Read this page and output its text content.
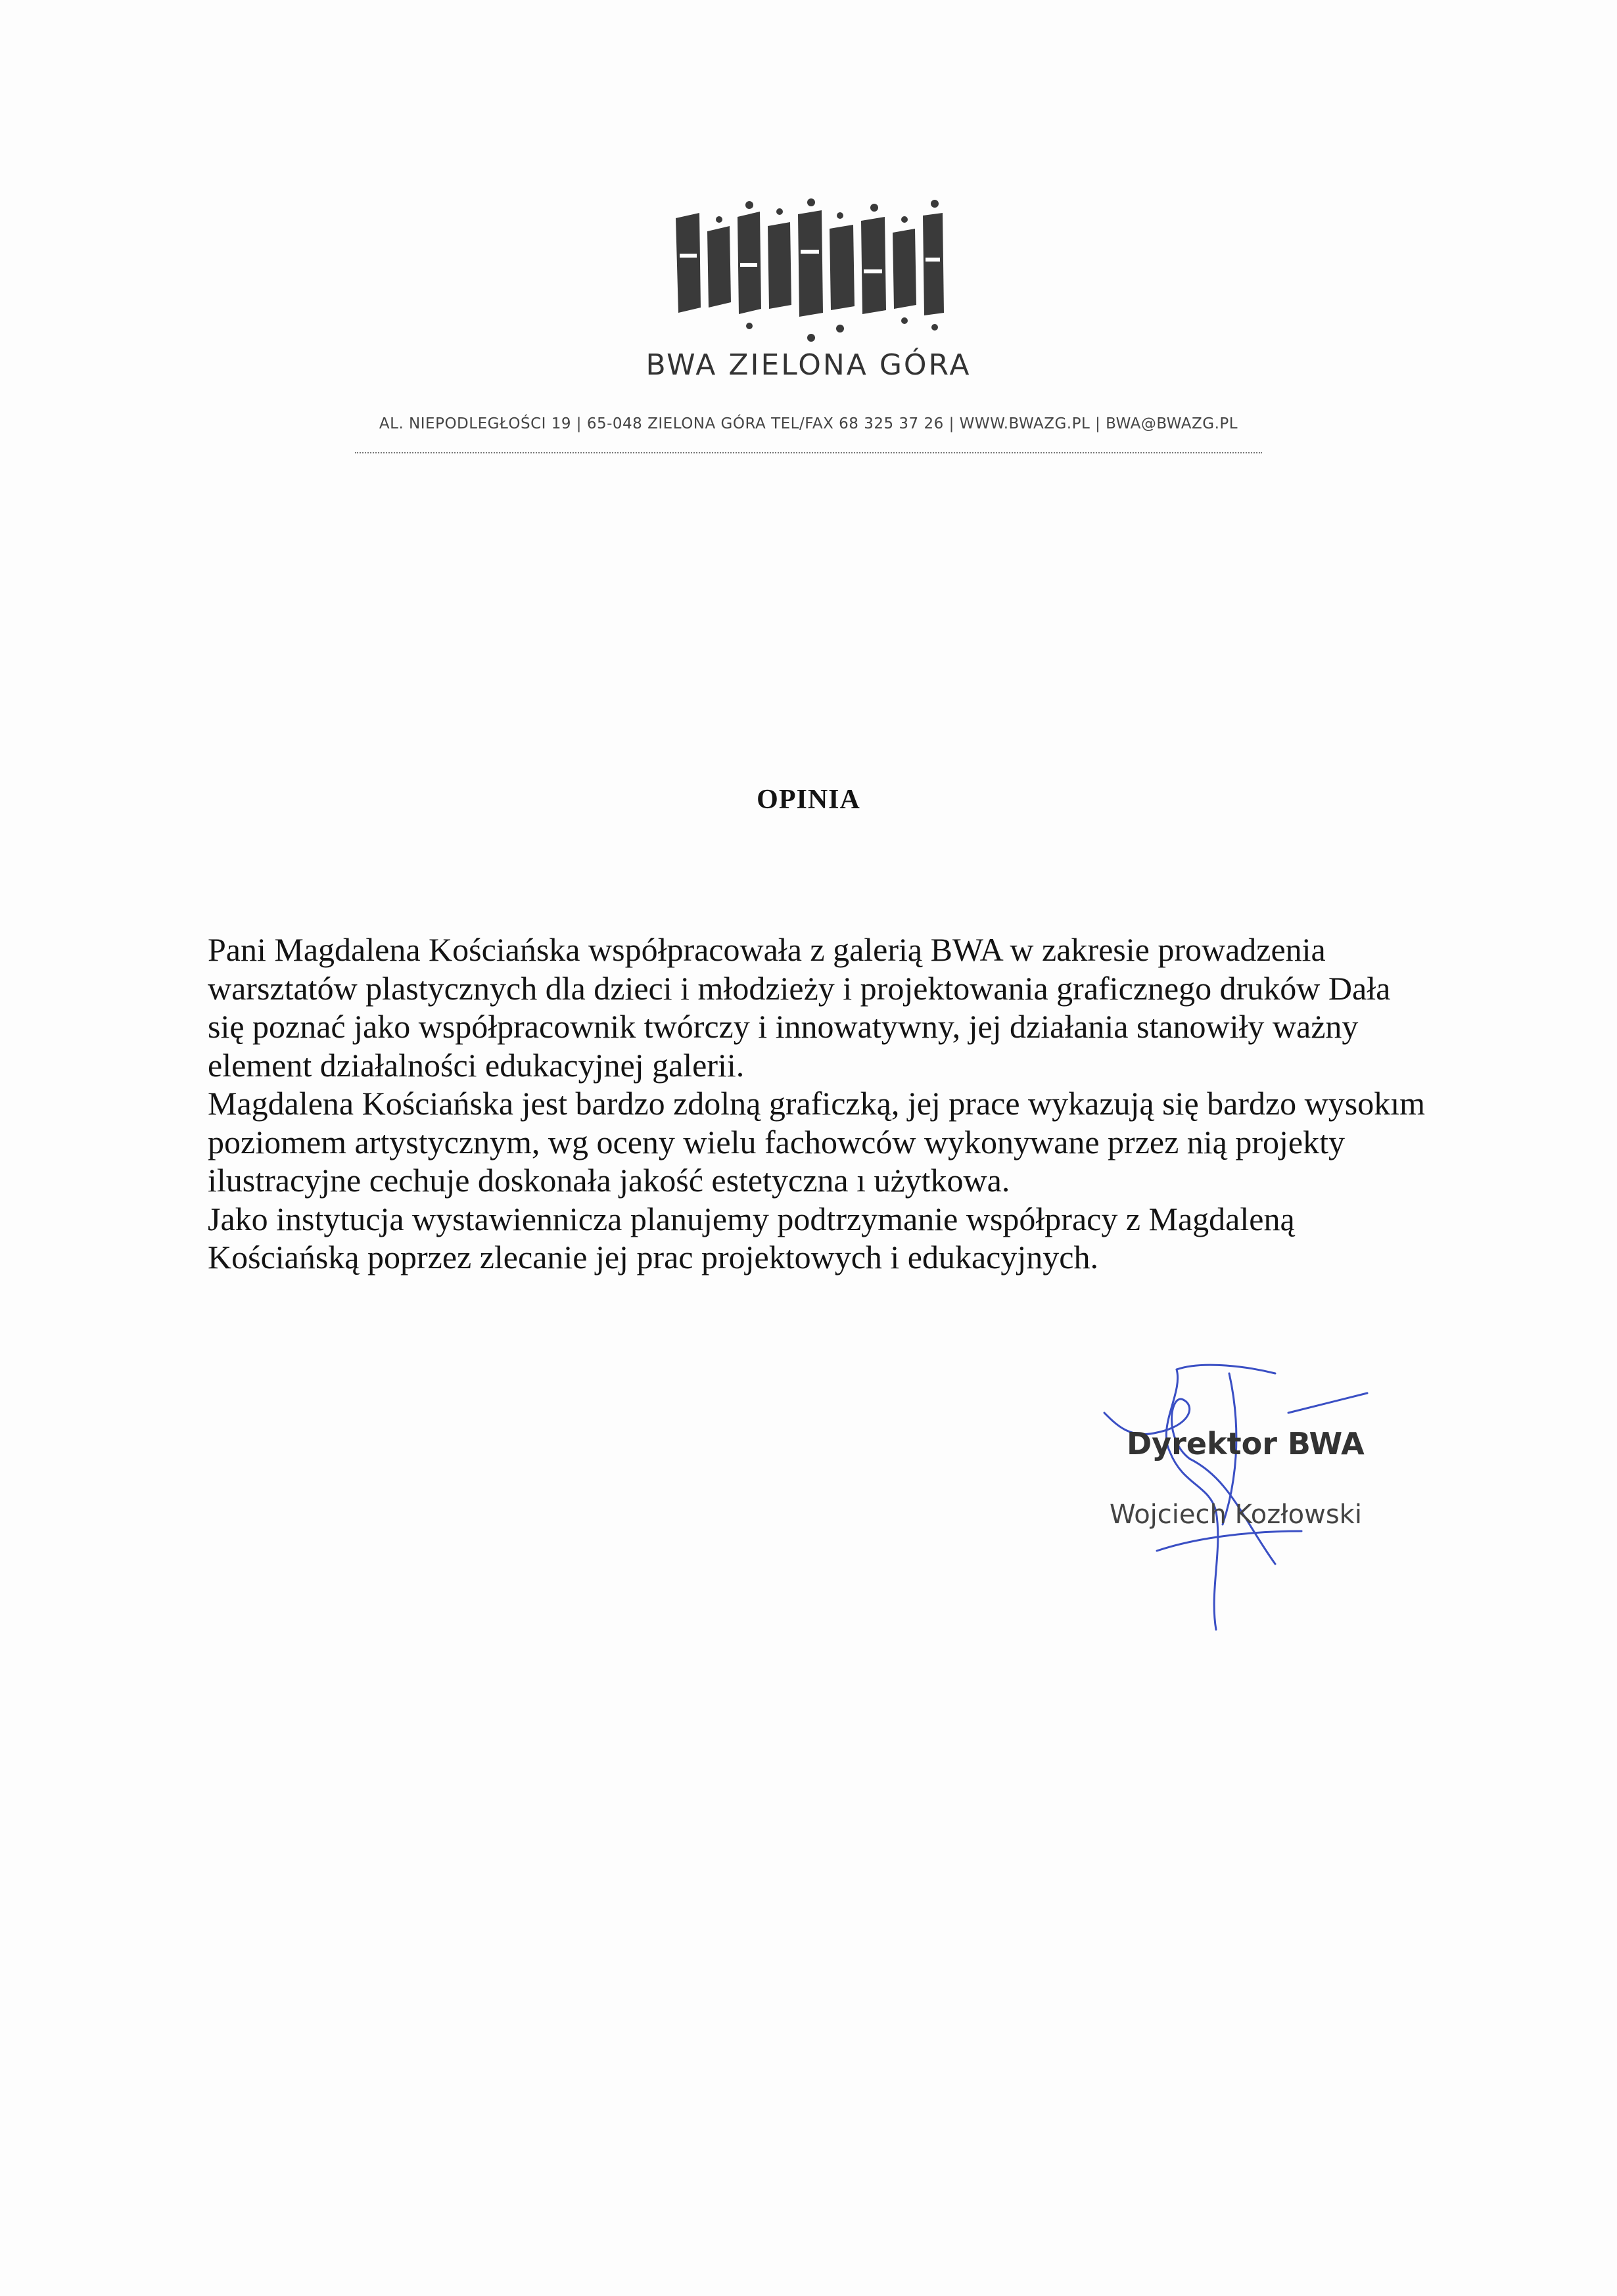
BWA ZIELONA GÓRA
AL. NIEPODLEGŁOŚCI 19 | 65-048 ZIELONA GÓRA TEL/FAX 68 325 37 26 | WWW.BWAZG.PL | BWA@BWAZG.PL
OPINIA

Pani Magdalena Kościańska współpracowała z galerią BWA w zakresie prowadzenia warsztatów plastycznych dla dzieci i młodzieży i projektowania graficznego druków Dała się poznać jako współpracownik twórczy i innowatywny, jej działania stanowiły ważny element działalności edukacyjnej galerii.

Magdalena Kościańska jest bardzo zdolną graficzką, jej prace wykazują się bardzo wysokım poziomem artystycznym, wg oceny wielu fachowców wykonywane przez nią projekty ilustracyjne cechuje doskonała jakość estetyczna ı użytkowa.

Jako instytucja wystawiennicza planujemy podtrzymanie współpracy z Magdaleną Kościańską poprzez zlecanie jej prac projektowych i edukacyjnych.

Dyrektor BWA
Wojciech Kozłowski
